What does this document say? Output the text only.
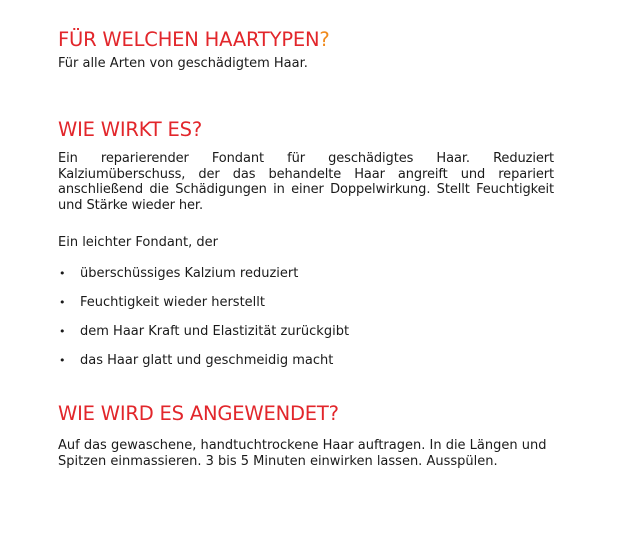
FÜR WELCHEN HAARTYPEN?

Für alle Arten von geschädigtem Haar.

WIE WIRKT ES?

Ein reparierender Fondant für geschädigtes Haar. Reduziert Kalziumüberschuss, der das behandelte Haar angreift und repariert anschließend die Schädigungen in einer Doppelwirkung. Stellt Feuchtigkeit und Stärke wieder her.

Ein leichter Fondant, der

• überschüssiges Kalzium reduziert
• Feuchtigkeit wieder herstellt
• dem Haar Kraft und Elastizität zurückgibt
• das Haar glatt und geschmeidig macht
WIE WIRD ES ANGEWENDET?

Auf das gewaschene, handtuchtrockene Haar auftragen. In die Längen und Spitzen einmassieren. 3 bis 5 Minuten einwirken lassen. Ausspülen.
